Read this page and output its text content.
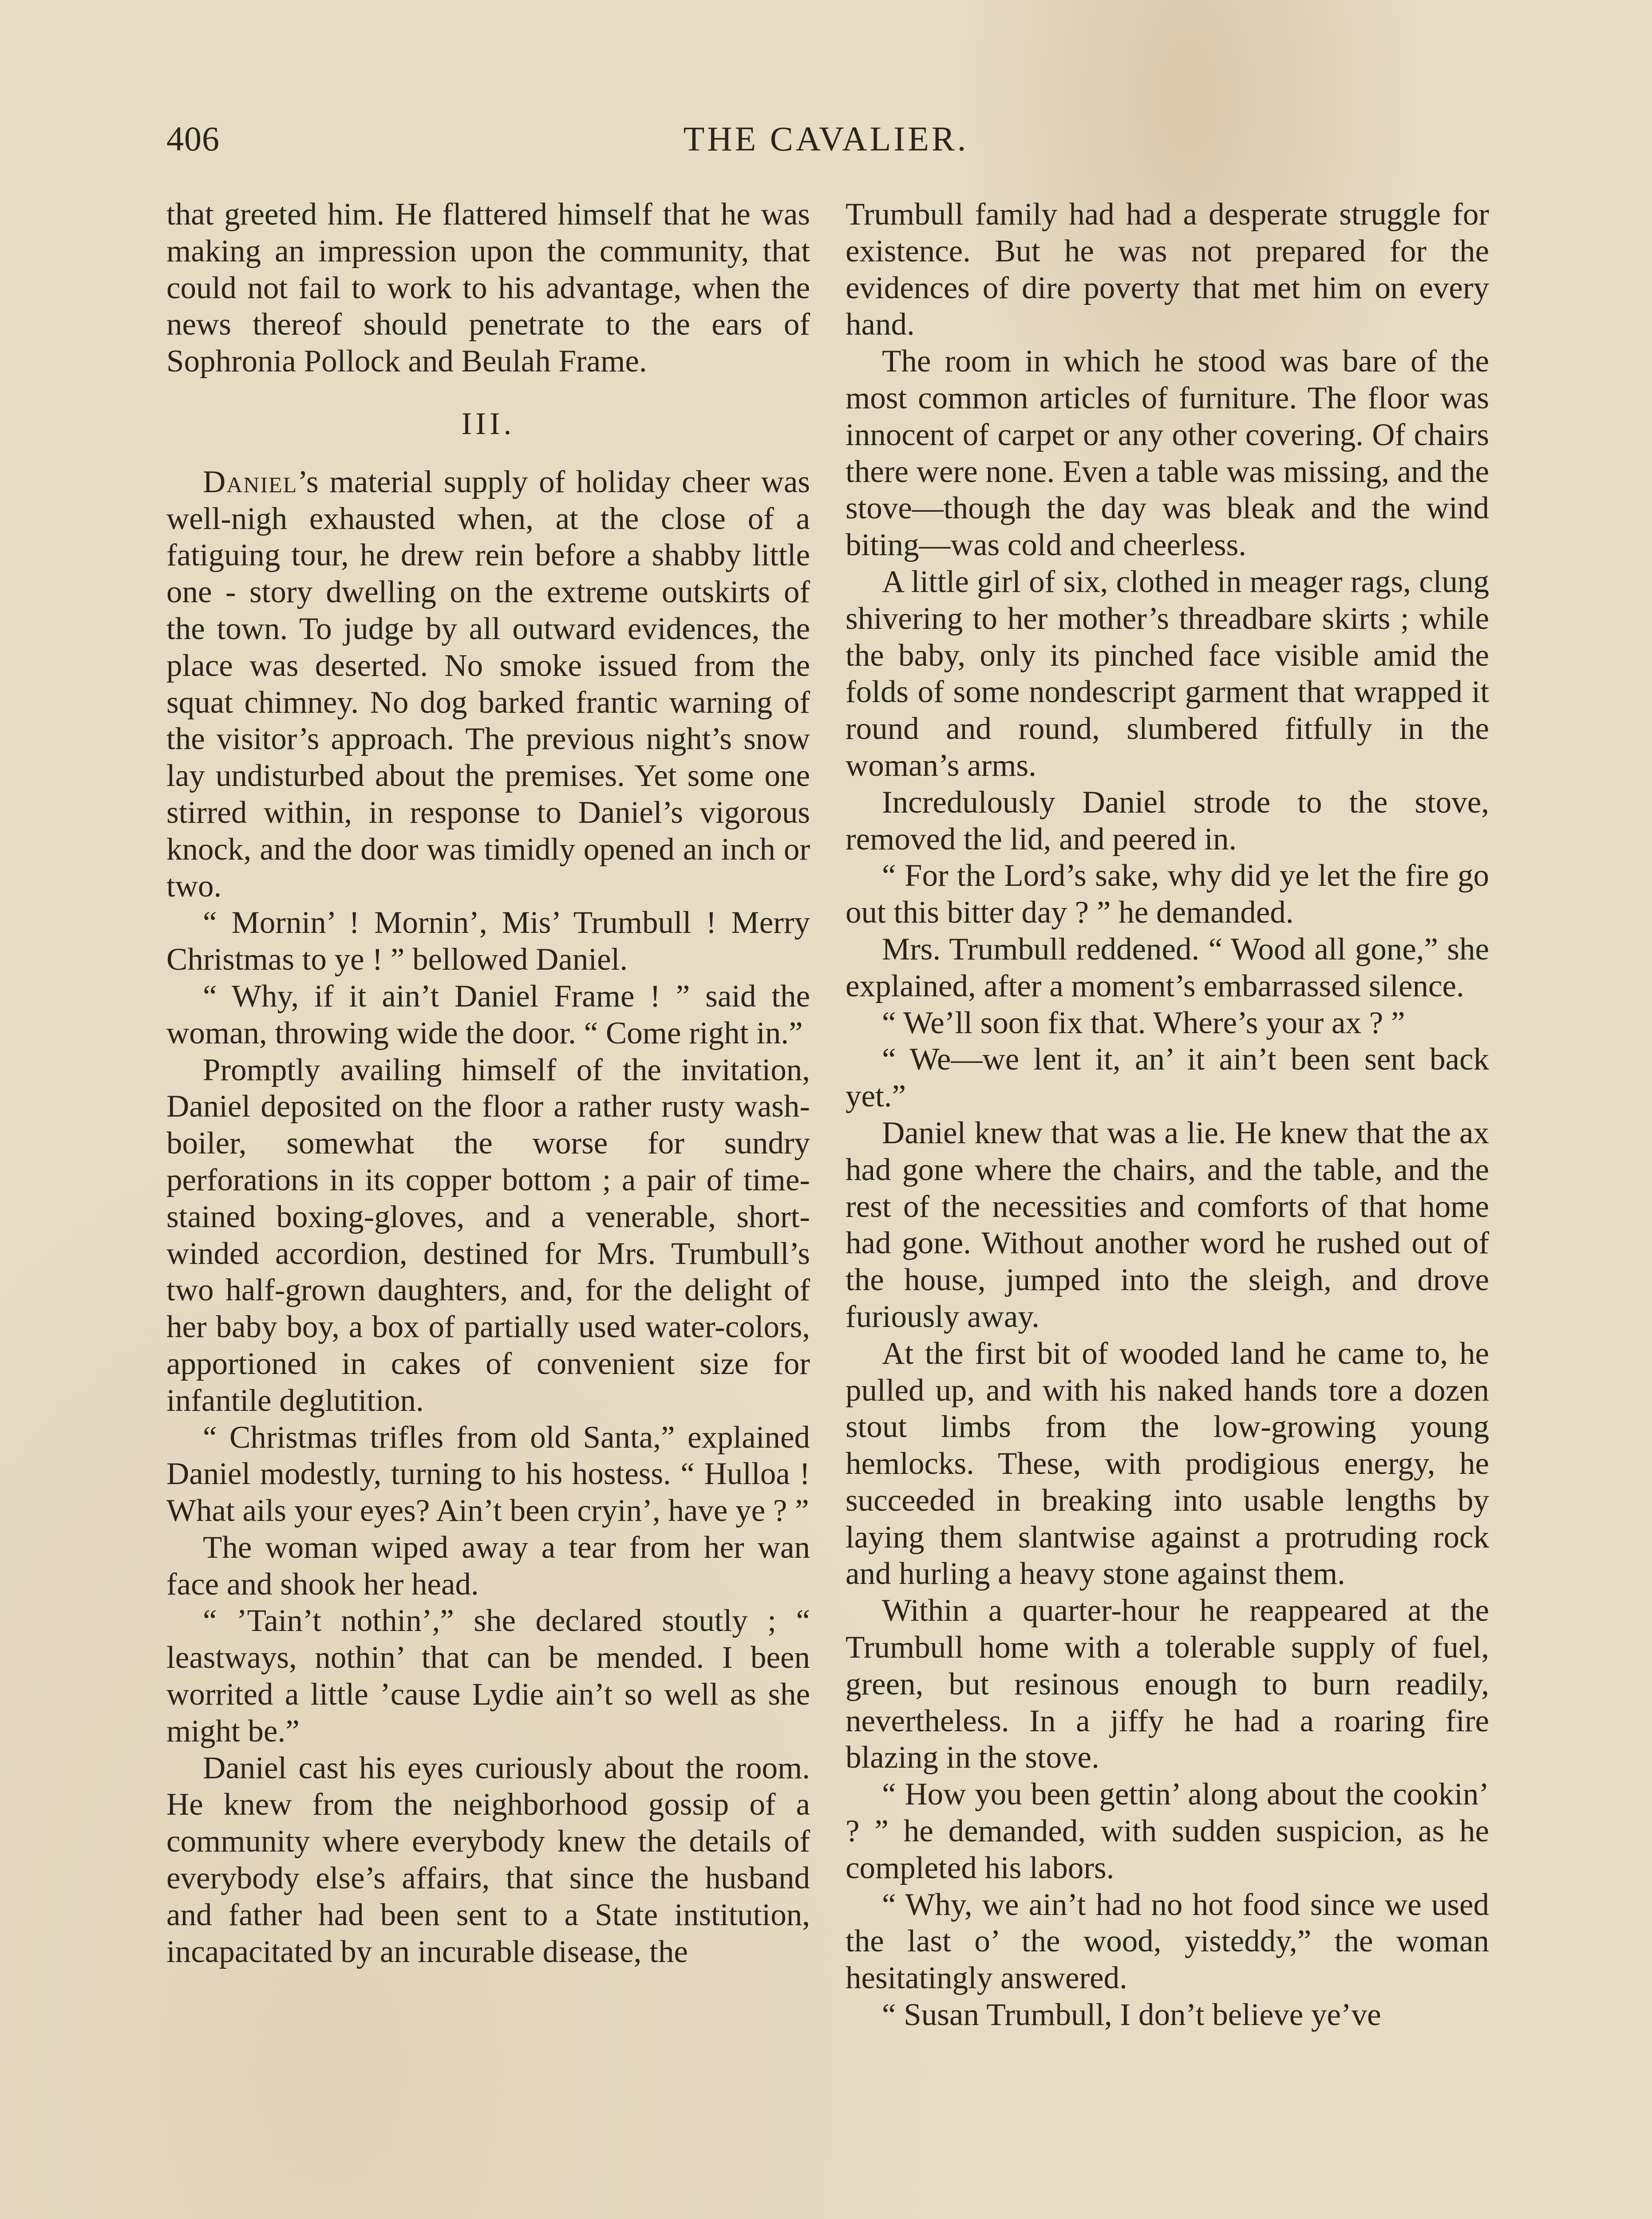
406	THE CAVALIER.

that greeted him. He flattered himself that he was making an impression upon the community, that could not fail to work to his advantage, when the news thereof should penetrate to the ears of Sophronia Pollock and Beulah Frame.

III.

Daniel’s material supply of holiday cheer was well-nigh exhausted when, at the close of a fatiguing tour, he drew rein before a shabby little one - story dwelling on the extreme outskirts of the town. To judge by all outward evidences, the place was deserted. No smoke issued from the squat chimney. No dog barked frantic warning of the visitor’s approach. The previous night’s snow lay undisturbed about the premises. Yet some one stirred within, in response to Daniel’s vigorous knock, and the door was timidly opened an inch or two.

“ Mornin’ ! Mornin’, Mis’ Trumbull ! Merry Christmas to ye ! ” bellowed Daniel.

“ Why, if it ain’t Daniel Frame ! ” said the woman, throwing wide the door. “ Come right in.”

Promptly availing himself of the invitation, Daniel deposited on the floor a rather rusty wash-boiler, somewhat the worse for sundry perforations in its copper bottom ; a pair of time-stained boxing-gloves, and a venerable, short-winded accordion, destined for Mrs. Trumbull’s two half-grown daughters, and, for the delight of her baby boy, a box of partially used water-colors, apportioned in cakes of convenient size for infantile deglutition.

“ Christmas trifles from old Santa,” explained Daniel modestly, turning to his hostess. “ Hulloa ! What ails your eyes? Ain’t been cryin’, have ye ? ”

The woman wiped away a tear from her wan face and shook her head.

“ ’Tain’t nothin’,” she declared stoutly ; “ leastways, nothin’ that can be mended. I been worrited a little ’cause Lydie ain’t so well as she might be.”

Daniel cast his eyes curiously about the room. He knew from the neighborhood gossip of a community where everybody knew the details of everybody else’s affairs, that since the husband and father had been sent to a State institution, incapacitated by an incurable disease, the

Trumbull family had had a desperate struggle for existence. But he was not prepared for the evidences of dire poverty that met him on every hand.

The room in which he stood was bare of the most common articles of furniture. The floor was innocent of carpet or any other covering. Of chairs there were none. Even a table was missing, and the stove—though the day was bleak and the wind biting—was cold and cheerless.

A little girl of six, clothed in meager rags, clung shivering to her mother’s threadbare skirts ; while the baby, only its pinched face visible amid the folds of some nondescript garment that wrapped it round and round, slumbered fitfully in the woman’s arms.

Incredulously Daniel strode to the stove, removed the lid, and peered in.

“ For the Lord’s sake, why did ye let the fire go out this bitter day ? ” he demanded.

Mrs. Trumbull reddened. “ Wood all gone,” she explained, after a moment’s embarrassed silence.

“ We’ll soon fix that. Where’s your ax ? ”

“ We—we lent it, an’ it ain’t been sent back yet.”

Daniel knew that was a lie. He knew that the ax had gone where the chairs, and the table, and the rest of the necessities and comforts of that home had gone. Without another word he rushed out of the house, jumped into the sleigh, and drove furiously away.

At the first bit of wooded land he came to, he pulled up, and with his naked hands tore a dozen stout limbs from the low-growing young hemlocks. These, with prodigious energy, he succeeded in breaking into usable lengths by laying them slantwise against a protruding rock and hurling a heavy stone against them.

Within a quarter-hour he reappeared at the Trumbull home with a tolerable supply of fuel, green, but resinous enough to burn readily, nevertheless. In a jiffy he had a roaring fire blazing in the stove.

“ How you been gettin’ along about the cookin’ ? ” he demanded, with sudden suspicion, as he completed his labors.

“ Why, we ain’t had no hot food since we used the last o’ the wood, yisteddy,” the woman hesitatingly answered.

“ Susan Trumbull, I don’t believe ye’ve
